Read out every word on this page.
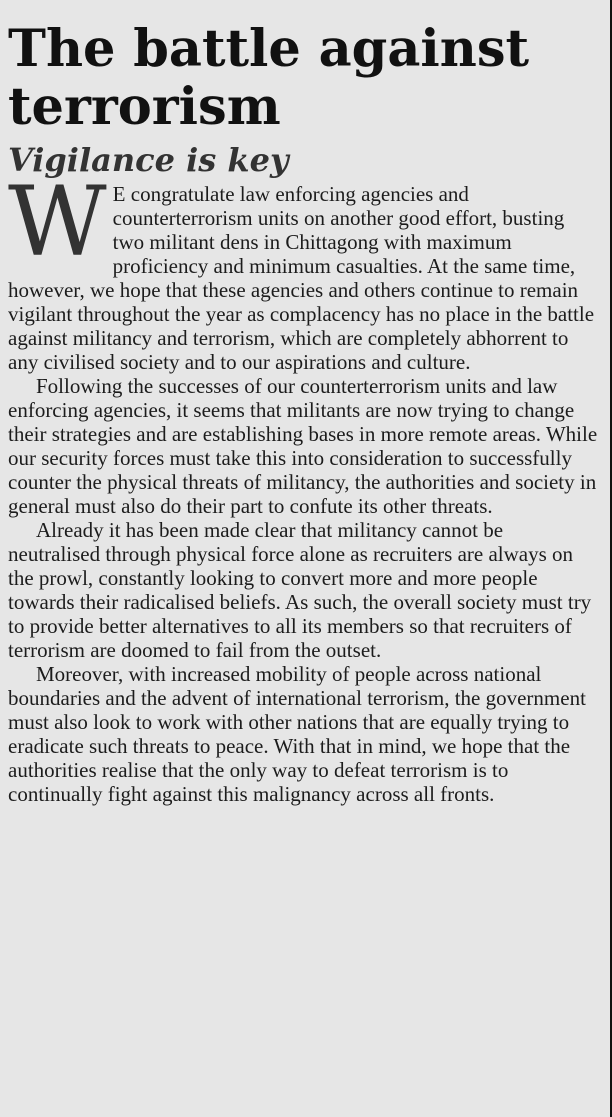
The battle against terrorism
Vigilance is key

W E congratulate law enforcing agencies and counterterrorism units on another good effort, busting two militant dens in Chittagong with maximum proficiency and minimum casualties. At the same time, however, we hope that these agencies and others continue to remain vigilant throughout the year as complacency has no place in the battle against militancy and terrorism, which are completely abhorrent to any civilised society and to our aspirations and culture.

Following the successes of our counterterrorism units and law enforcing agencies, it seems that militants are now trying to change their strategies and are establishing bases in more remote areas. While our security forces must take this into consideration to successfully counter the physical threats of militancy, the authorities and society in general must also do their part to confute its other threats.

Already it has been made clear that militancy cannot be neutralised through physical force alone as recruiters are always on the prowl, constantly looking to convert more and more people towards their radicalised beliefs. As such, the overall society must try to provide better alternatives to all its members so that recruiters of terrorism are doomed to fail from the outset.

Moreover, with increased mobility of people across national boundaries and the advent of international terrorism, the government must also look to work with other nations that are equally trying to eradicate such threats to peace. With that in mind, we hope that the authorities realise that the only way to defeat terrorism is to continually fight against this malignancy across all fronts.
